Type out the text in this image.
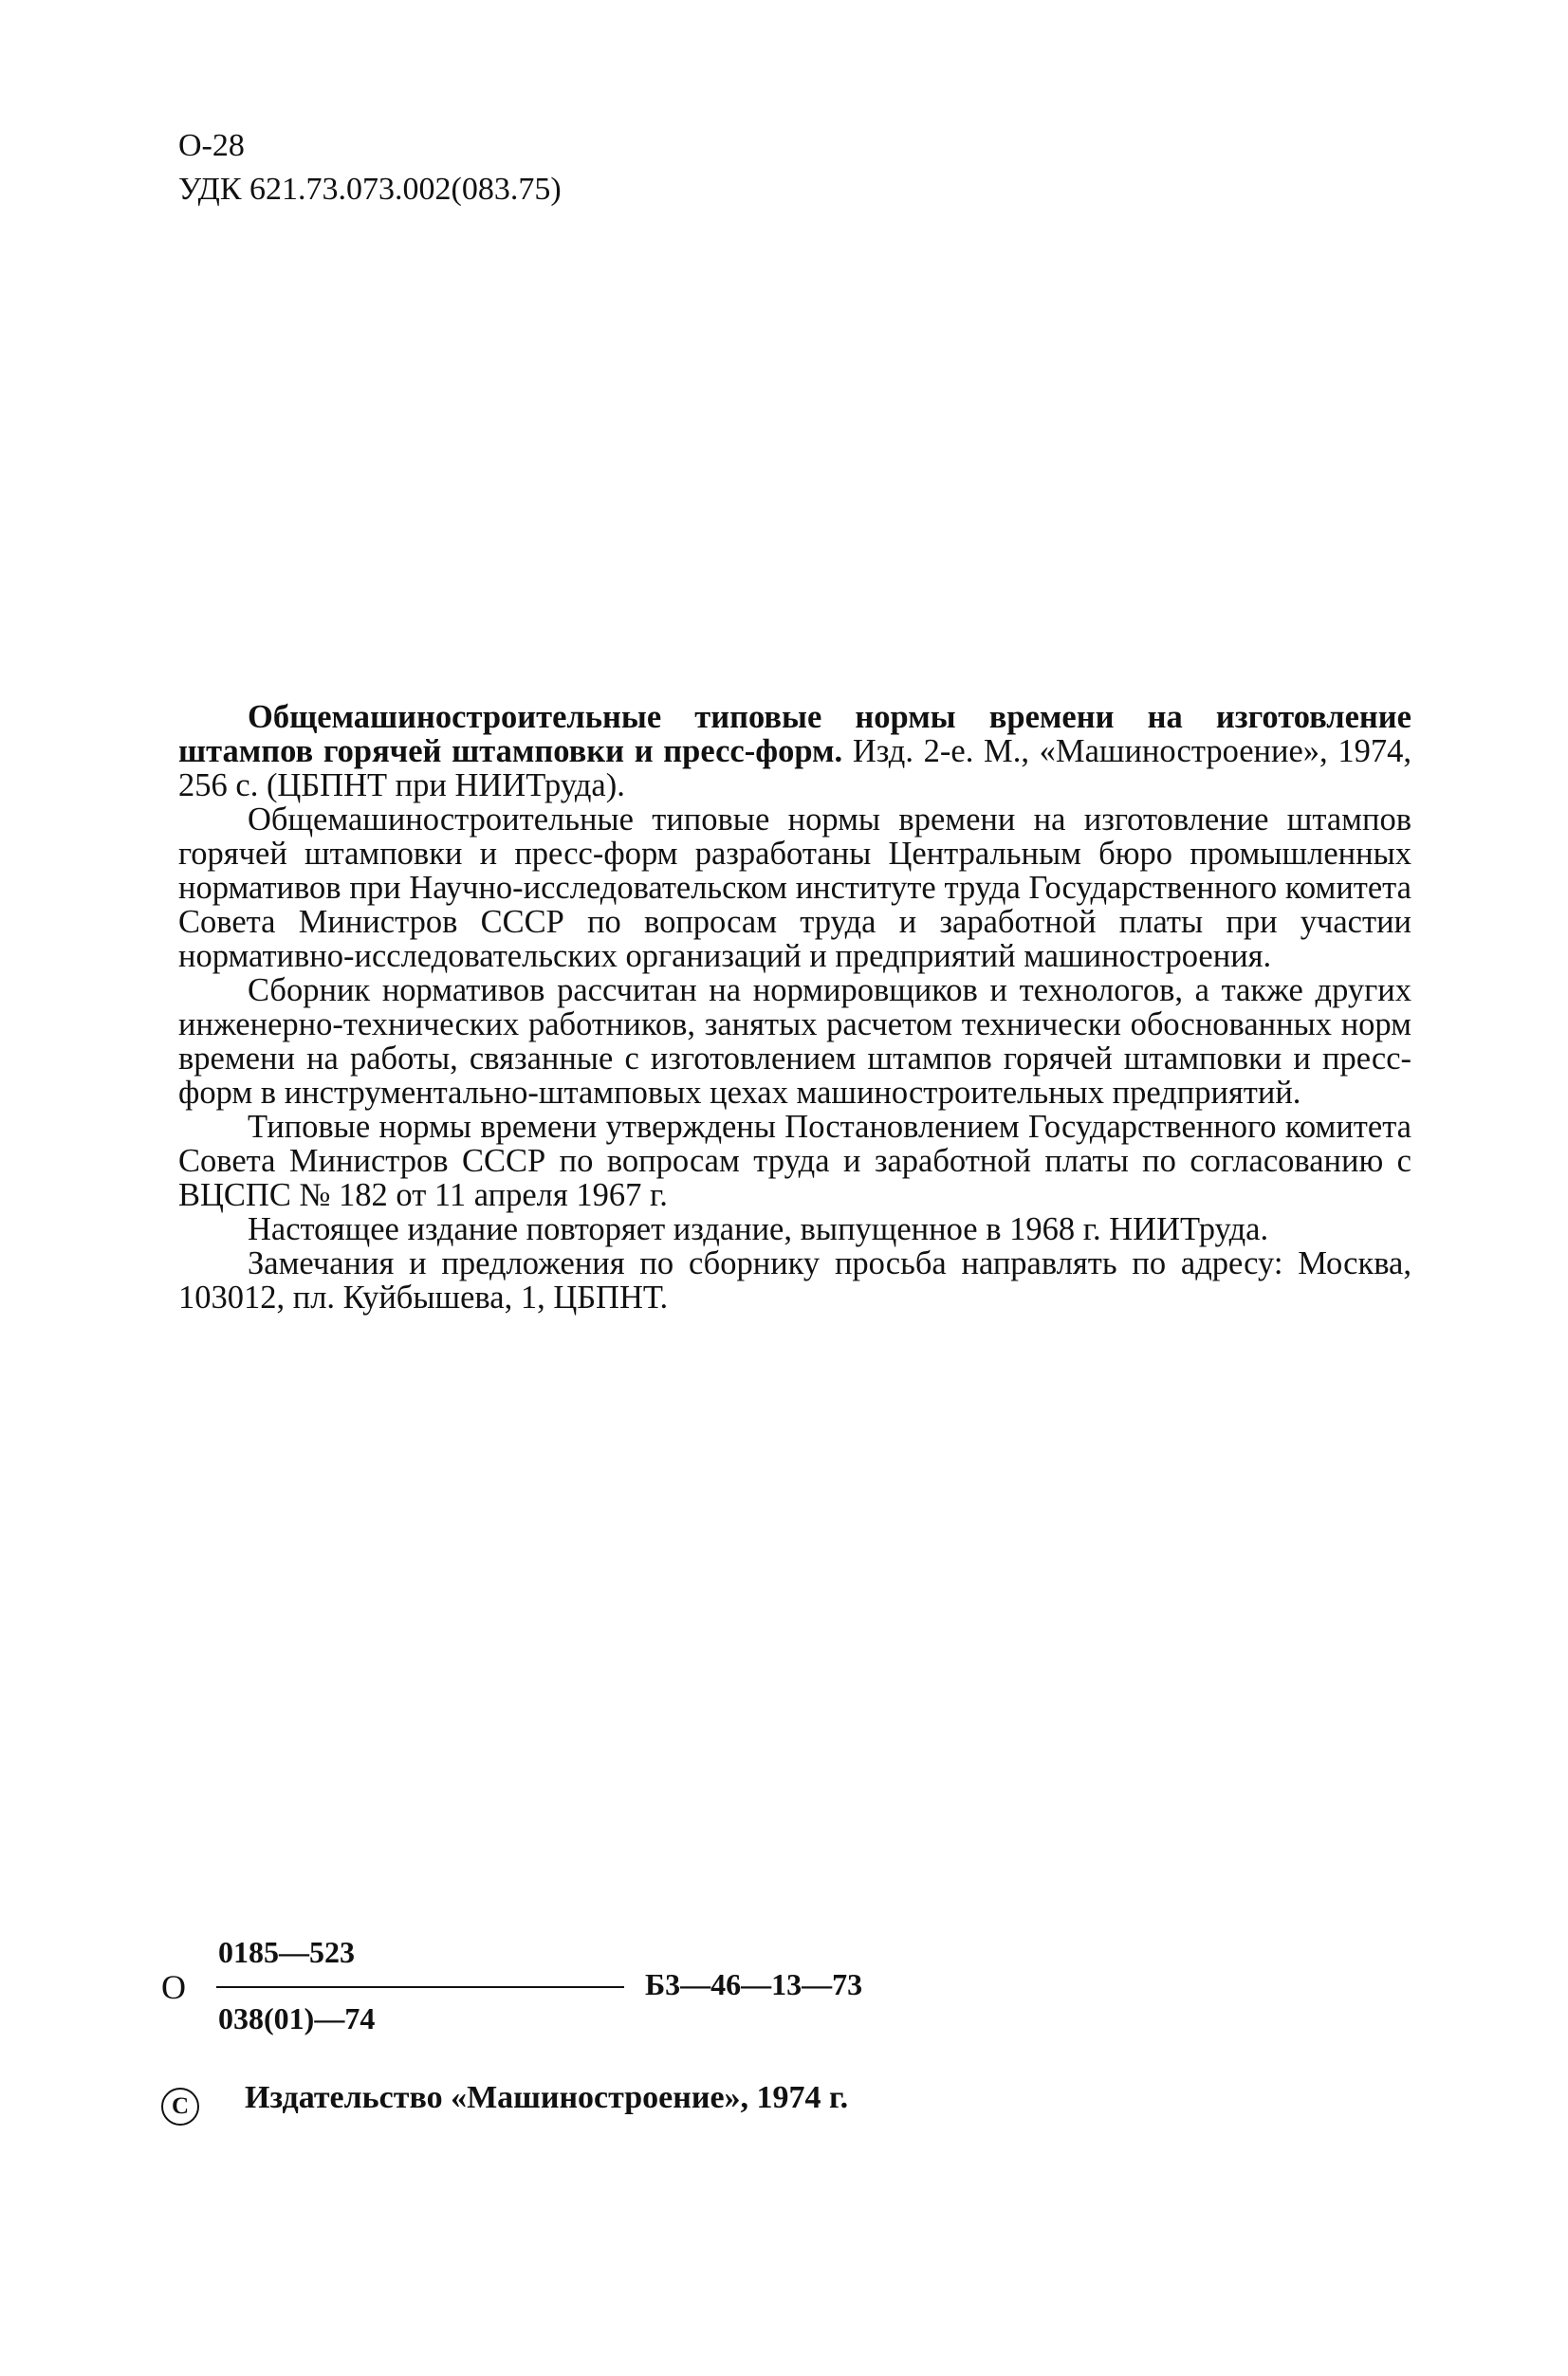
О-28
УДК 621.73.073.002(083.75)

Общемашиностроительные типовые нормы времени на изготовление штампов горячей штамповки и пресс-форм. Изд. 2-е. М., «Машиностроение», 1974, 256 с. (ЦБПНТ при НИИТруда).

Общемашиностроительные типовые нормы времени на изготовление штампов горячей штамповки и пресс-форм разработаны Центральным бюро промышленных нормативов при Научно-исследовательском институте труда Государственного комитета Совета Министров СССР по вопросам труда и заработной платы при участии нормативно-исследовательских организаций и предприятий машиностроения.

Сборник нормативов рассчитан на нормировщиков и технологов, а также других инженерно-технических работников, занятых расчетом технически обоснованных норм времени на работы, связанные с изготовлением штампов горячей штамповки и пресс-форм в инструментально-штамповых цехах машиностроительных предприятий.

Типовые нормы времени утверждены Постановлением Государственного комитета Совета Министров СССР по вопросам труда и заработной платы по согласованию с ВЦСПС № 182 от 11 апреля 1967 г.

Настоящее издание повторяет издание, выпущенное в 1968 г. НИИТруда.

Замечания и предложения по сборнику просьба направлять по адресу: Москва, 103012, пл. Куйбышева, 1, ЦБПНТ.

О
0185—523
038(01)—74
Б3—46—13—73
С Издательство «Машиностроение», 1974 г.
